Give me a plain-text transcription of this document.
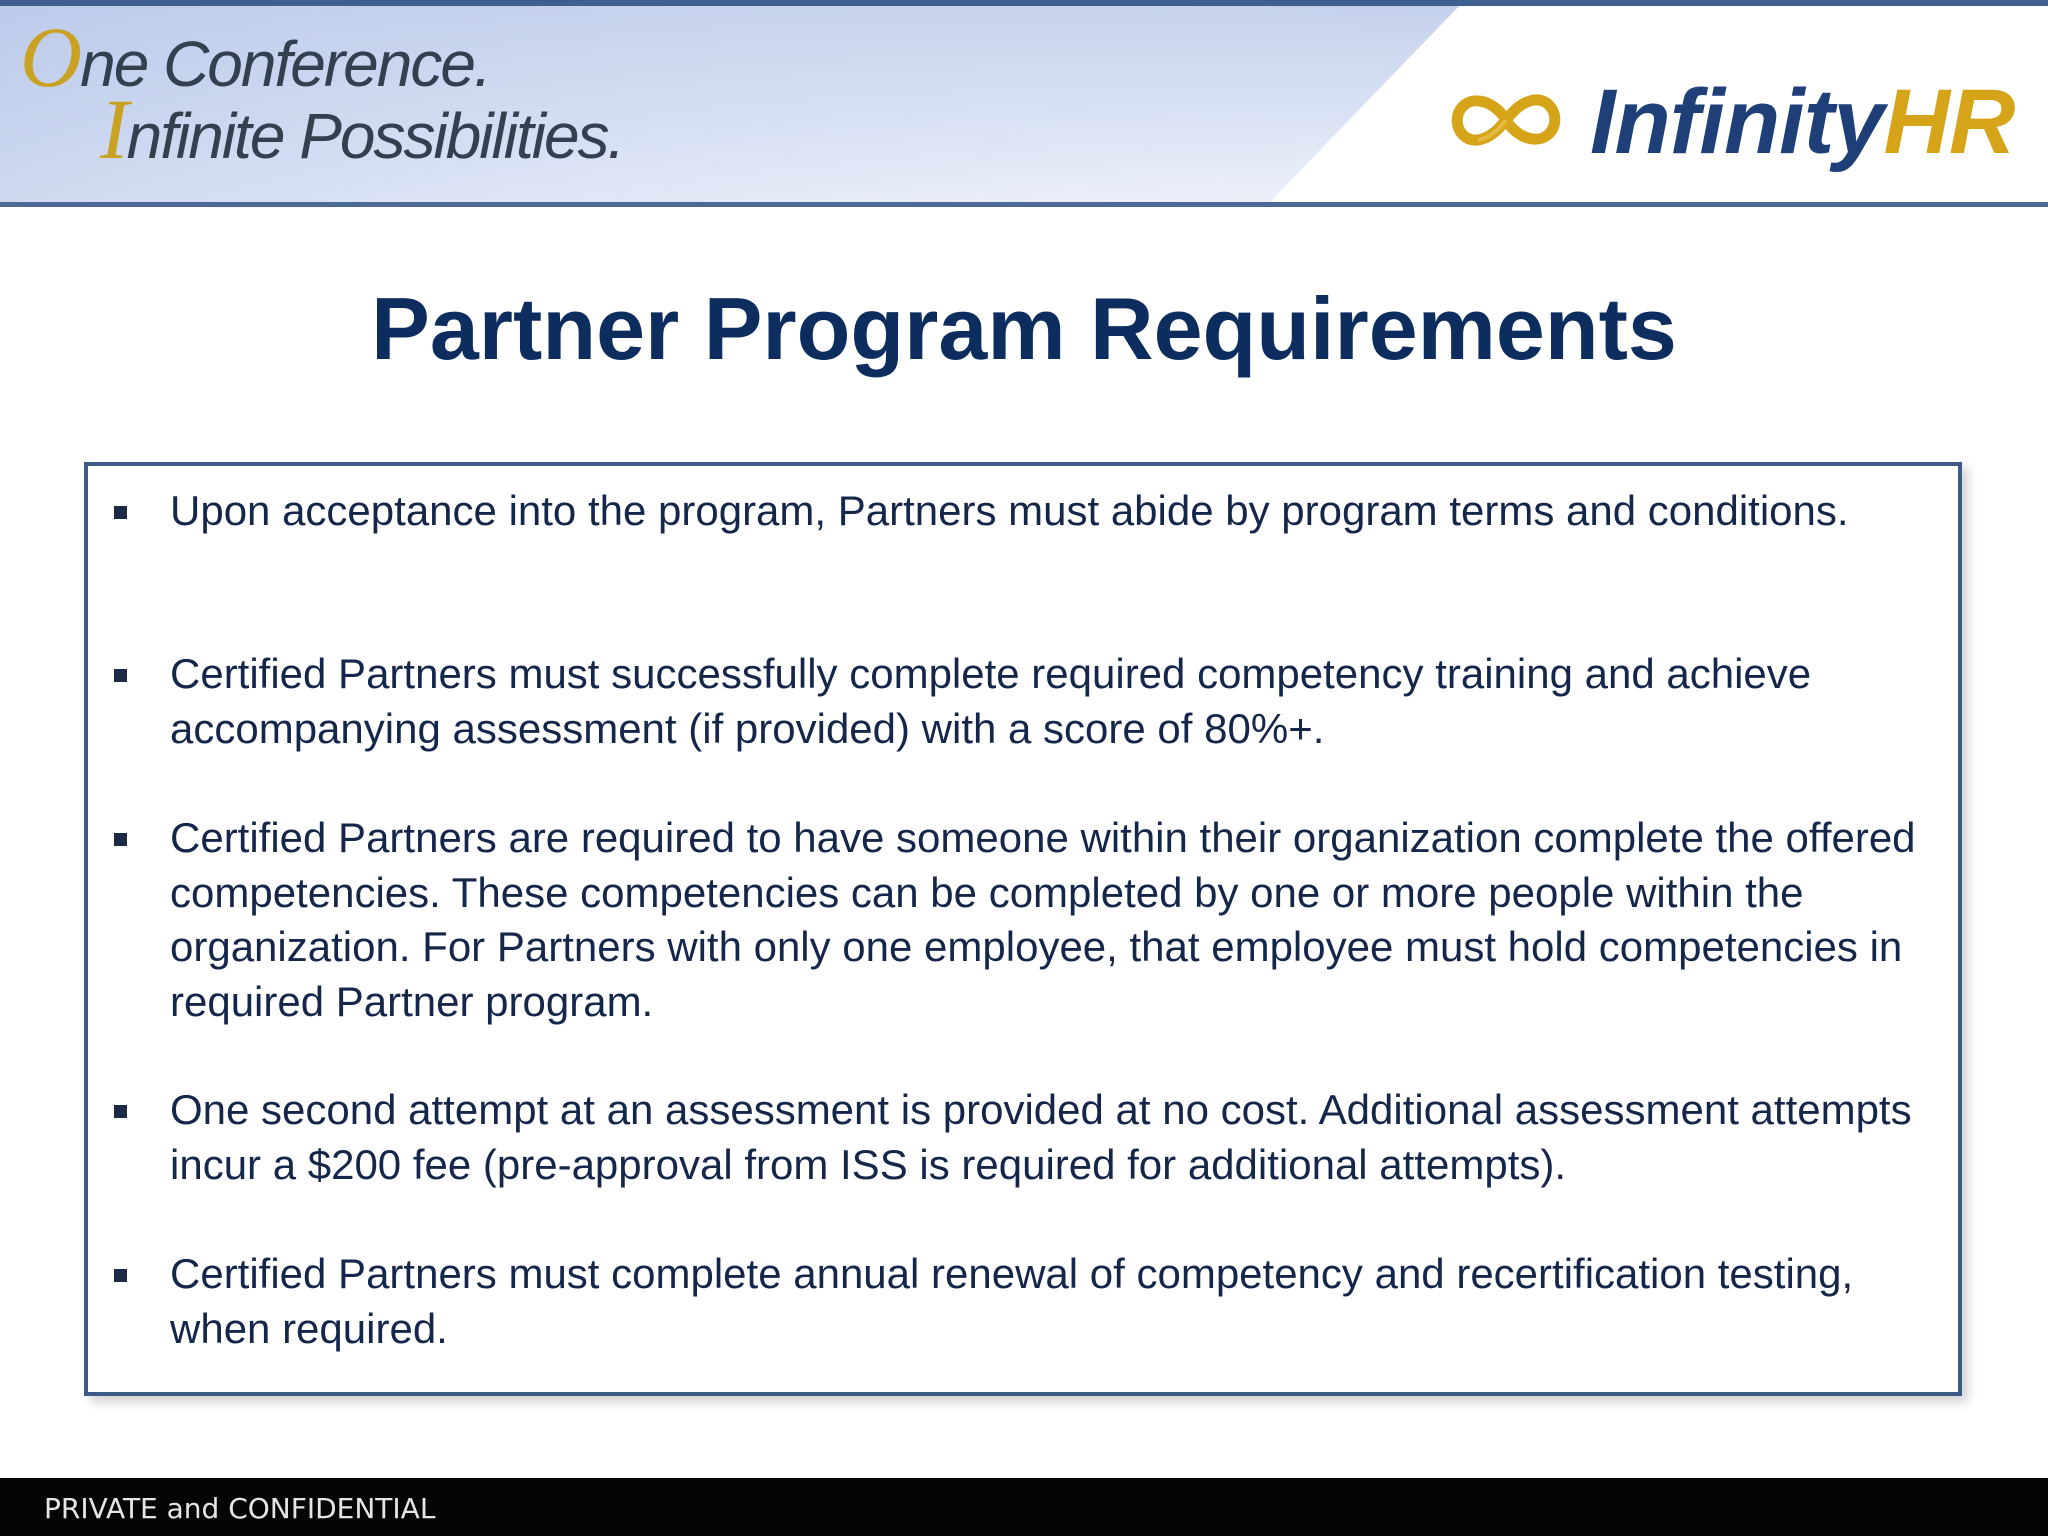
One Conference.
Infinite Possibilities.	InfinityHR
Partner Program Requirements
Upon acceptance into the program, Partners must abide by program terms and conditions.
Certified Partners must successfully complete required competency training and achieve accompanying assessment (if provided) with a score of 80%+.
Certified Partners are required to have someone within their organization complete the offered competencies. These competencies can be completed by one or more people within the organization. For Partners with only one employee, that employee must hold competencies in required Partner program.
One second attempt at an assessment is provided at no cost. Additional assessment attempts incur a $200 fee (pre-approval from ISS is required for additional attempts).
Certified Partners must complete annual renewal of competency and recertification testing, when required.
PRIVATE and CONFIDENTIAL
